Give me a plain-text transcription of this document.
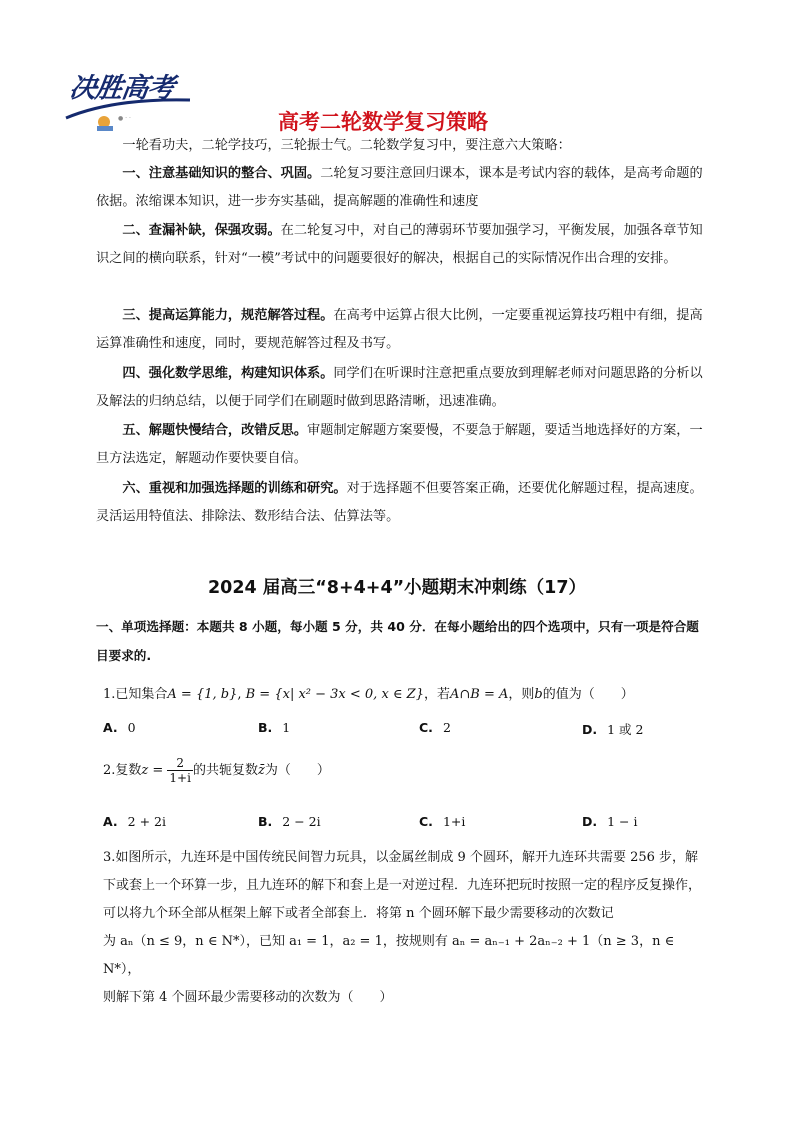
决胜高考
● · ·	高考二轮数学复习策略

一轮看功夫，二轮学技巧，三轮振士气。二轮数学复习中，要注意六大策略：

一、注意基础知识的整合、巩固。二轮复习要注意回归课本，课本是考试内容的载体，是高考命题的依据。浓缩课本知识，进一步夯实基础，提高解题的准确性和速度

二、查漏补缺，保强攻弱。在二轮复习中，对自己的薄弱环节要加强学习，平衡发展，加强各章节知识之间的横向联系，针对“一模”考试中的问题要很好的解决，根据自己的实际情况作出合理的安排。

三、提高运算能力，规范解答过程。在高考中运算占很大比例，一定要重视运算技巧粗中有细，提高运算准确性和速度，同时，要规范解答过程及书写。

四、强化数学思维，构建知识体系。同学们在听课时注意把重点要放到理解老师对问题思路的分析以及解法的归纳总结，以便于同学们在刷题时做到思路清晰，迅速准确。

五、解题快慢结合，改错反思。审题制定解题方案要慢，不要急于解题，要适当地选择好的方案，一旦方法选定，解题动作要快要自信。

六、重视和加强选择题的训练和研究。对于选择题不但要答案正确，还要优化解题过程，提高速度。灵活运用特值法、排除法、数形结合法、估算法等。

2024 届高三“8+4+4”小题期末冲刺练（17）
一、单项选择题：本题共 8 小题，每小题 5 分，共 40 分．在每小题给出的四个选项中，只有一项是符合题目要求的.
1.已知集合A = {1, b}, B = {x| x² − 3x < 0, x ∈ Z}，若A∩B = A，则b的值为（　　）
A. 0	B. 1	C. 2	D. 1 或 2
2.复数$z = \frac{2}{1+i}$ 的共轭复数z̄为（　　）
A. 2 + 2i	B. 2 − 2i	C. 1+i	D. 1 − i

3.如图所示，九连环是中国传统民间智力玩具，以金属丝制成 9 个圆环，解开九连环共需要 256 步，解下或套上一个环算一步，且九连环的解下和套上是一对逆过程．九连环把玩时按照一定的程序反复操作，可以将九个环全部从框架上解下或者全部套上．将第 n 个圆环解下最少需要移动的次数记

为 aₙ（n ≤ 9，n ∈ N*），已知 a₁ = 1，a₂ = 1，按规则有 aₙ = aₙ₋₁ + 2aₙ₋₂ + 1（n ≥ 3，n ∈ N*），

则解下第 4 个圆环最少需要移动的次数为（　　）
